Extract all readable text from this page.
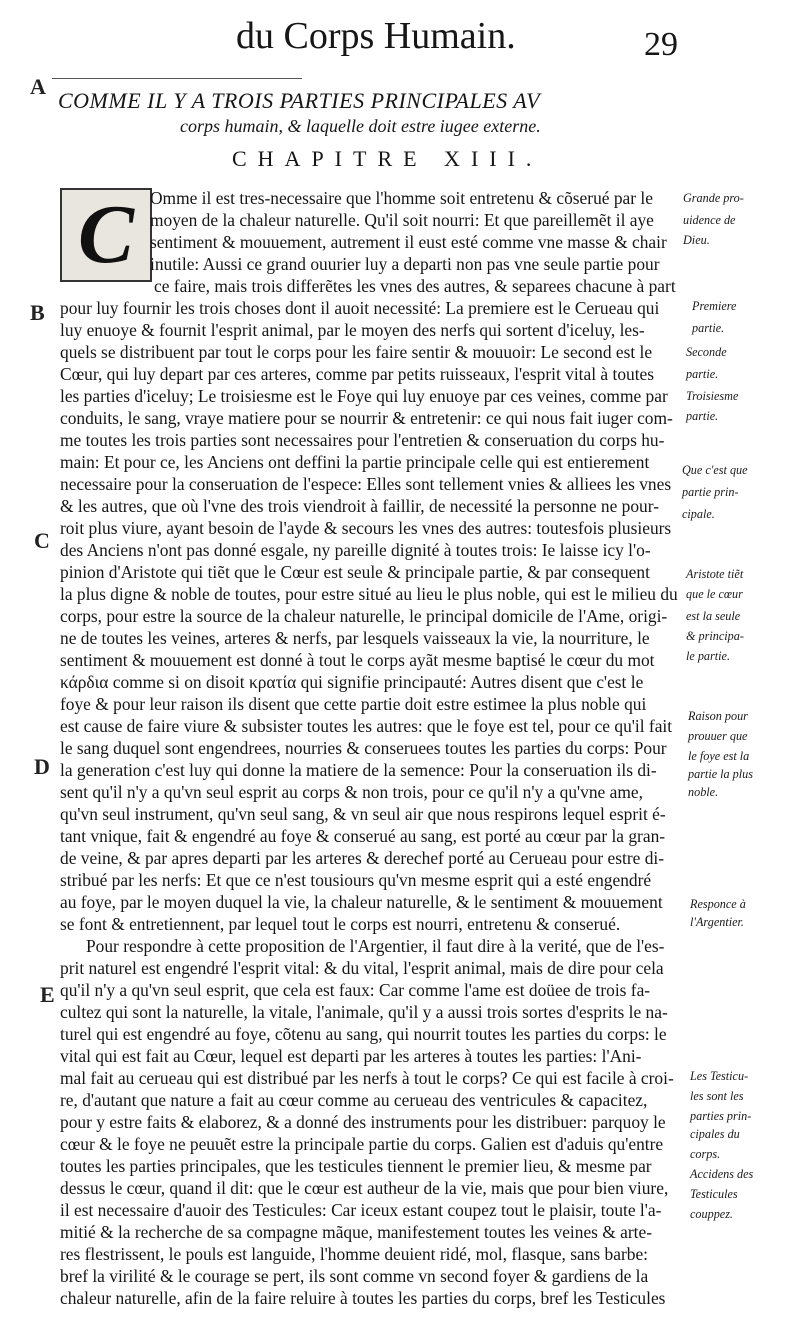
du Corps Humain.	29
A
B
C
D
E
COMME IL Y A TROIS PARTIES PRINCIPALES AV
corps humain, & laquelle doit estre iugee externe.
CHAPITRE XIII.
C Omme il est tres-necessaire que l'homme soit entretenu & cõserué par le
moyen de la chaleur naturelle. Qu'il soit nourri: Et que pareillemẽt il aye
sentiment & mouuement, autrement il eust esté comme vne masse & chair
inutile: Aussi ce grand ouurier luy a departi non pas vne seule partie pour
ce faire, mais trois differẽtes les vnes des autres, & separees chacune à part
pour luy fournir les trois choses dont il auoit necessité: La premiere est le Cerueau qui
luy enuoye & fournit l'esprit animal, par le moyen des nerfs qui sortent d'iceluy, les-
quels se distribuent par tout le corps pour les faire sentir & mouuoir: Le second est le
Cœur, qui luy depart par ces arteres, comme par petits ruisseaux, l'esprit vital à toutes
les parties d'iceluy; Le troisiesme est le Foye qui luy enuoye par ces veines, comme par
conduits, le sang, vraye matiere pour se nourrir & entretenir: ce qui nous fait iuger com-
me toutes les trois parties sont necessaires pour l'entretien & conseruation du corps hu-
main: Et pour ce, les Anciens ont deffini la partie principale celle qui est entierement
necessaire pour la conseruation de l'espece: Elles sont tellement vnies & alliees les vnes
& les autres, que où l'vne des trois viendroit à faillir, de necessité la personne ne pour-
roit plus viure, ayant besoin de l'ayde & secours les vnes des autres: toutesfois plusieurs
des Anciens n'ont pas donné esgale, ny pareille dignité à toutes trois: Ie laisse icy l'o-
pinion d'Aristote qui tiẽt que le Cœur est seule & principale partie, & par consequent
la plus digne & noble de toutes, pour estre situé au lieu le plus noble, qui est le milieu du
corps, pour estre la source de la chaleur naturelle, le principal domicile de l'Ame, origi-
ne de toutes les veines, arteres & nerfs, par lesquels vaisseaux la vie, la nourriture, le
sentiment & mouuement est donné à tout le corps ayãt mesme baptisé le cœur du mot
κάρδια comme si on disoit κρατία qui signifie principauté: Autres disent que c'est le
foye & pour leur raison ils disent que cette partie doit estre estimee la plus noble qui
est cause de faire viure & subsister toutes les autres: que le foye est tel, pour ce qu'il fait
le sang duquel sont engendrees, nourries & conseruees toutes les parties du corps: Pour
la generation c'est luy qui donne la matiere de la semence: Pour la conseruation ils di-
sent qu'il n'y a qu'vn seul esprit au corps & non trois, pour ce qu'il n'y a qu'vne ame,
qu'vn seul instrument, qu'vn seul sang, & vn seul air que nous respirons lequel esprit é-
tant vnique, fait & engendré au foye & conserué au sang, est porté au cœur par la gran-
de veine, & par apres departi par les arteres & derechef porté au Cerueau pour estre di-
stribué par les nerfs: Et que ce n'est tousiours qu'vn mesme esprit qui a esté engendré
au foye, par le moyen duquel la vie, la chaleur naturelle, & le sentiment & mouuement
se font & entretiennent, par lequel tout le corps est nourri, entretenu & conserué.
Pour respondre à cette proposition de l'Argentier, il faut dire à la verité, que de l'es-
prit naturel est engendré l'esprit vital: & du vital, l'esprit animal, mais de dire pour cela
qu'il n'y a qu'vn seul esprit, que cela est faux: Car comme l'ame est doüee de trois fa-
cultez qui sont la naturelle, la vitale, l'animale, qu'il y a aussi trois sortes d'esprits le na-
turel qui est engendré au foye, cõtenu au sang, qui nourrit toutes les parties du corps: le
vital qui est fait au Cœur, lequel est departi par les arteres à toutes les parties: l'Ani-
mal fait au cerueau qui est distribué par les nerfs à tout le corps? Ce qui est facile à croi-
re, d'autant que nature a fait au cœur comme au cerueau des ventricules & capacitez,
pour y estre faits & elaborez, & a donné des instruments pour les distribuer: parquoy le
cœur & le foye ne peuuẽt estre la principale partie du corps. Galien est d'aduis qu'entre
toutes les parties principales, que les testicules tiennent le premier lieu, & mesme par
dessus le cœur, quand il dit: que le cœur est autheur de la vie, mais que pour bien viure,
il est necessaire d'auoir des Testicules: Car iceux estant coupez tout le plaisir, toute l'a-
mitié & la recherche de sa compagne mãque, manifestement toutes les veines & arte-
res flestrissent, le pouls est languide, l'homme deuient ridé, mol, flasque, sans barbe:
bref la virilité & le courage se pert, ils sont comme vn second foyer & gardiens de la
chaleur naturelle, afin de la faire reluire à toutes les parties du corps, bref les Testicules
Grande pro-
uidence de
Dieu.
Premiere
partie.
Seconde
partie.
Troisiesme
partie.
Que c'est que
partie prin-
cipale.
Aristote tiẽt
que le cœur
est la seule
& principa-
le partie.
Raison pour
prouuer que
le foye est la
partie la plus
noble.
Responce à
l'Argentier.
Les Testicu-
les sont les
parties prin-
cipales du
corps.
Accidens des
Testicules
couppez.
